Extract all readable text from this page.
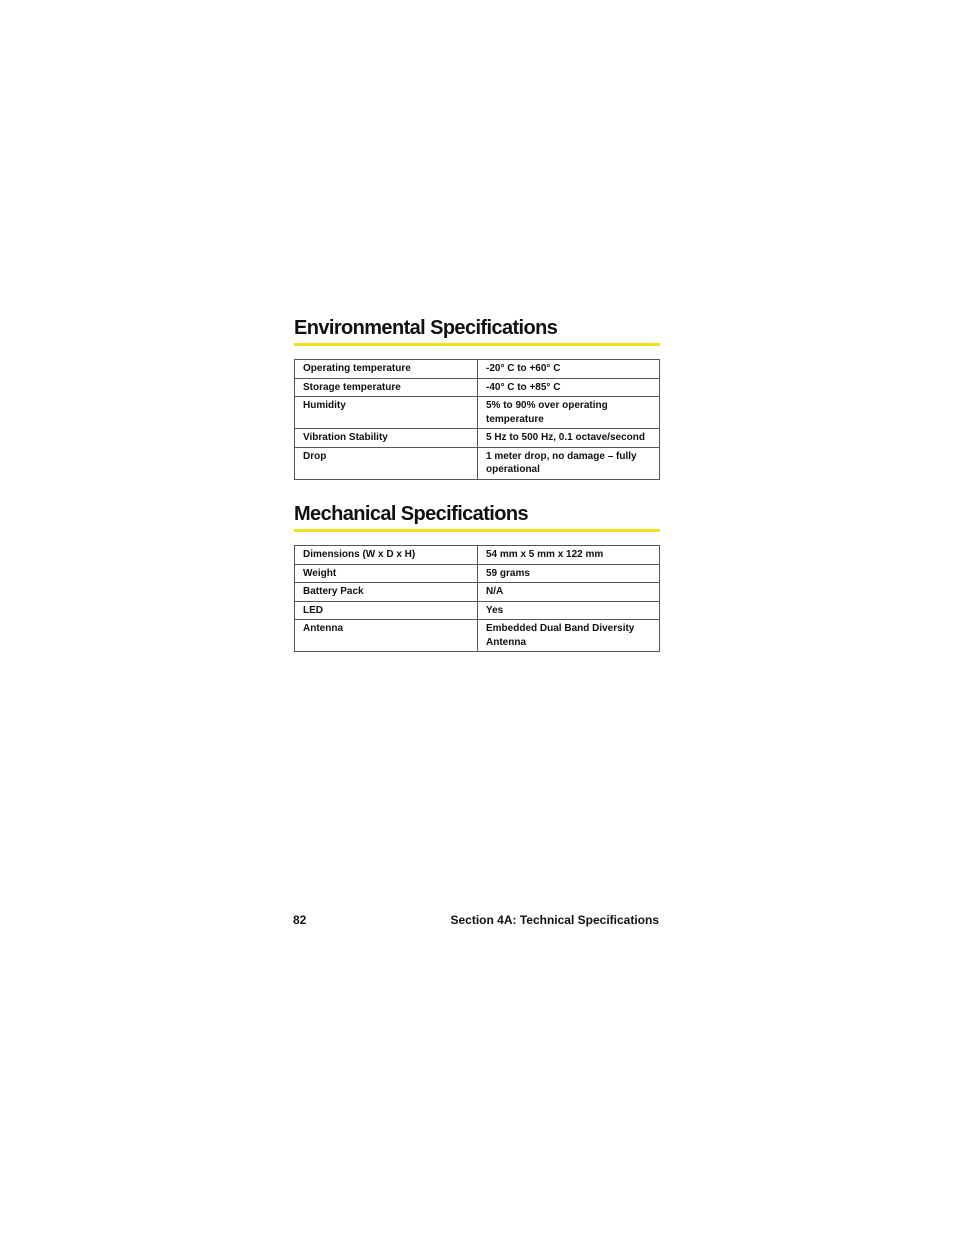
Environmental Specifications
Operating temperature	-20° C to +60° C
Storage temperature	-40° C to +85° C
Humidity	5% to 90% over operating temperature
Vibration Stability	5 Hz to 500 Hz, 0.1 octave/second
Drop	1 meter drop, no damage – fully operational
Mechanical Specifications
Dimensions (W x D x H)	54 mm x 5 mm x 122 mm
Weight	59 grams
Battery Pack	N/A
LED	Yes
Antenna	Embedded Dual Band Diversity Antenna
82	Section 4A: Technical Specifications
